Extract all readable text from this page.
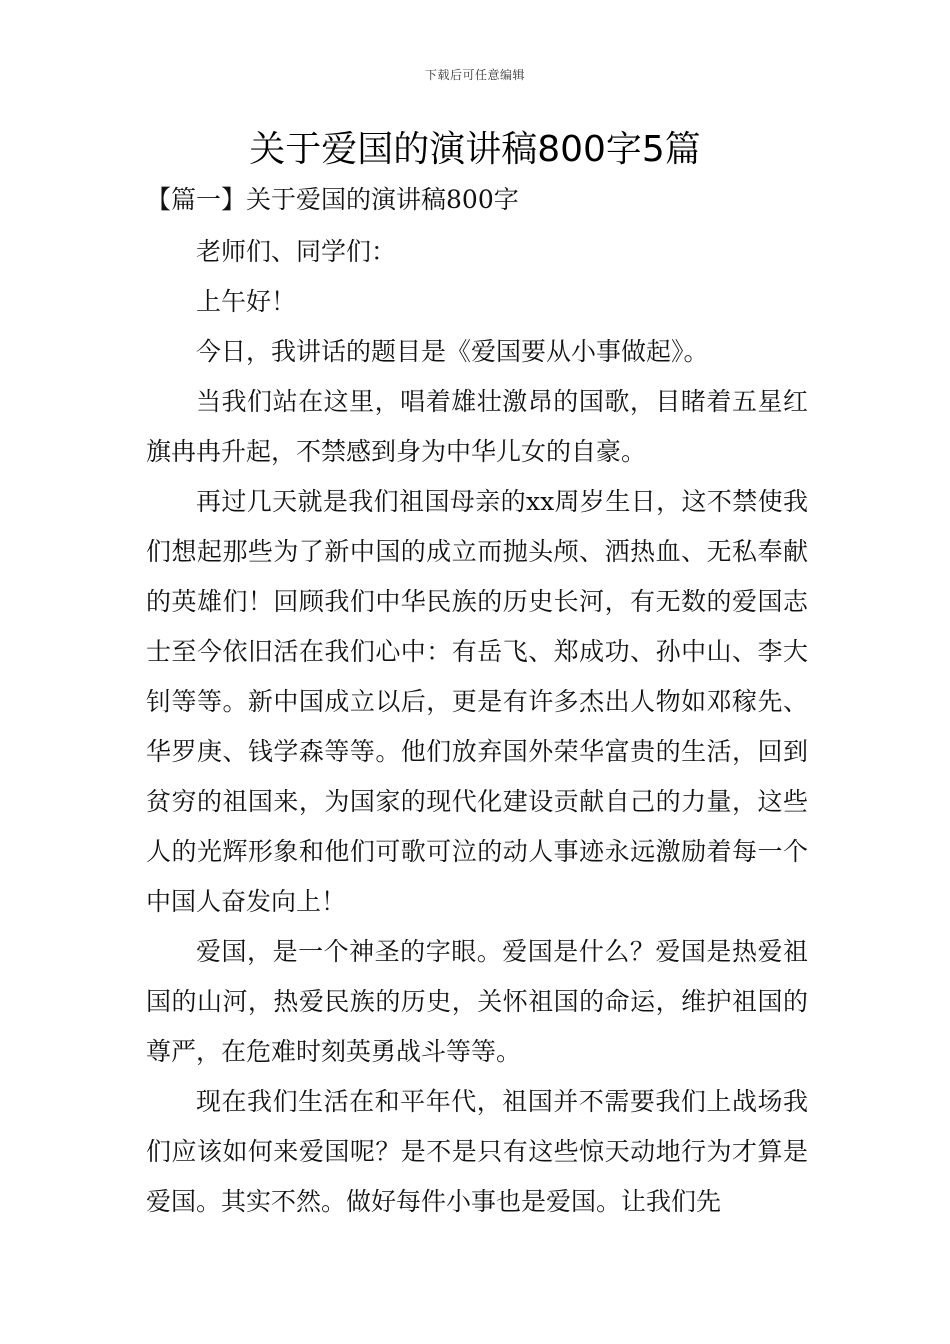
下载后可任意编辑
关于爱国的演讲稿800字5篇
【篇一】关于爱国的演讲稿800字

老师们、同学们：

上午好！

今日，我讲话的题目是《爱国要从小事做起》。

当我们站在这里，唱着雄壮激昂的国歌，目睹着五星红旗冉冉升起，不禁感到身为中华儿女的自豪。

再过几天就是我们祖国母亲的xx周岁生日，这不禁使我们想起那些为了新中国的成立而抛头颅、洒热血、无私奉献的英雄们！回顾我们中华民族的历史长河，有无数的爱国志士至今依旧活在我们心中：有岳飞、郑成功、孙中山、李大钊等等。新中国成立以后，更是有许多杰出人物如邓稼先、华罗庚、钱学森等等。他们放弃国外荣华富贵的生活，回到贫穷的祖国来，为国家的现代化建设贡献自己的力量，这些人的光辉形象和他们可歌可泣的动人事迹永远激励着每一个中国人奋发向上！

爱国，是一个神圣的字眼。爱国是什么？爱国是热爱祖国的山河，热爱民族的历史，关怀祖国的命运，维护祖国的尊严，在危难时刻英勇战斗等等。

现在我们生活在和平年代，祖国并不需要我们上战场我们应该如何来爱国呢？是不是只有这些惊天动地行为才算是爱国。其实不然。做好每件小事也是爱国。让我们先
